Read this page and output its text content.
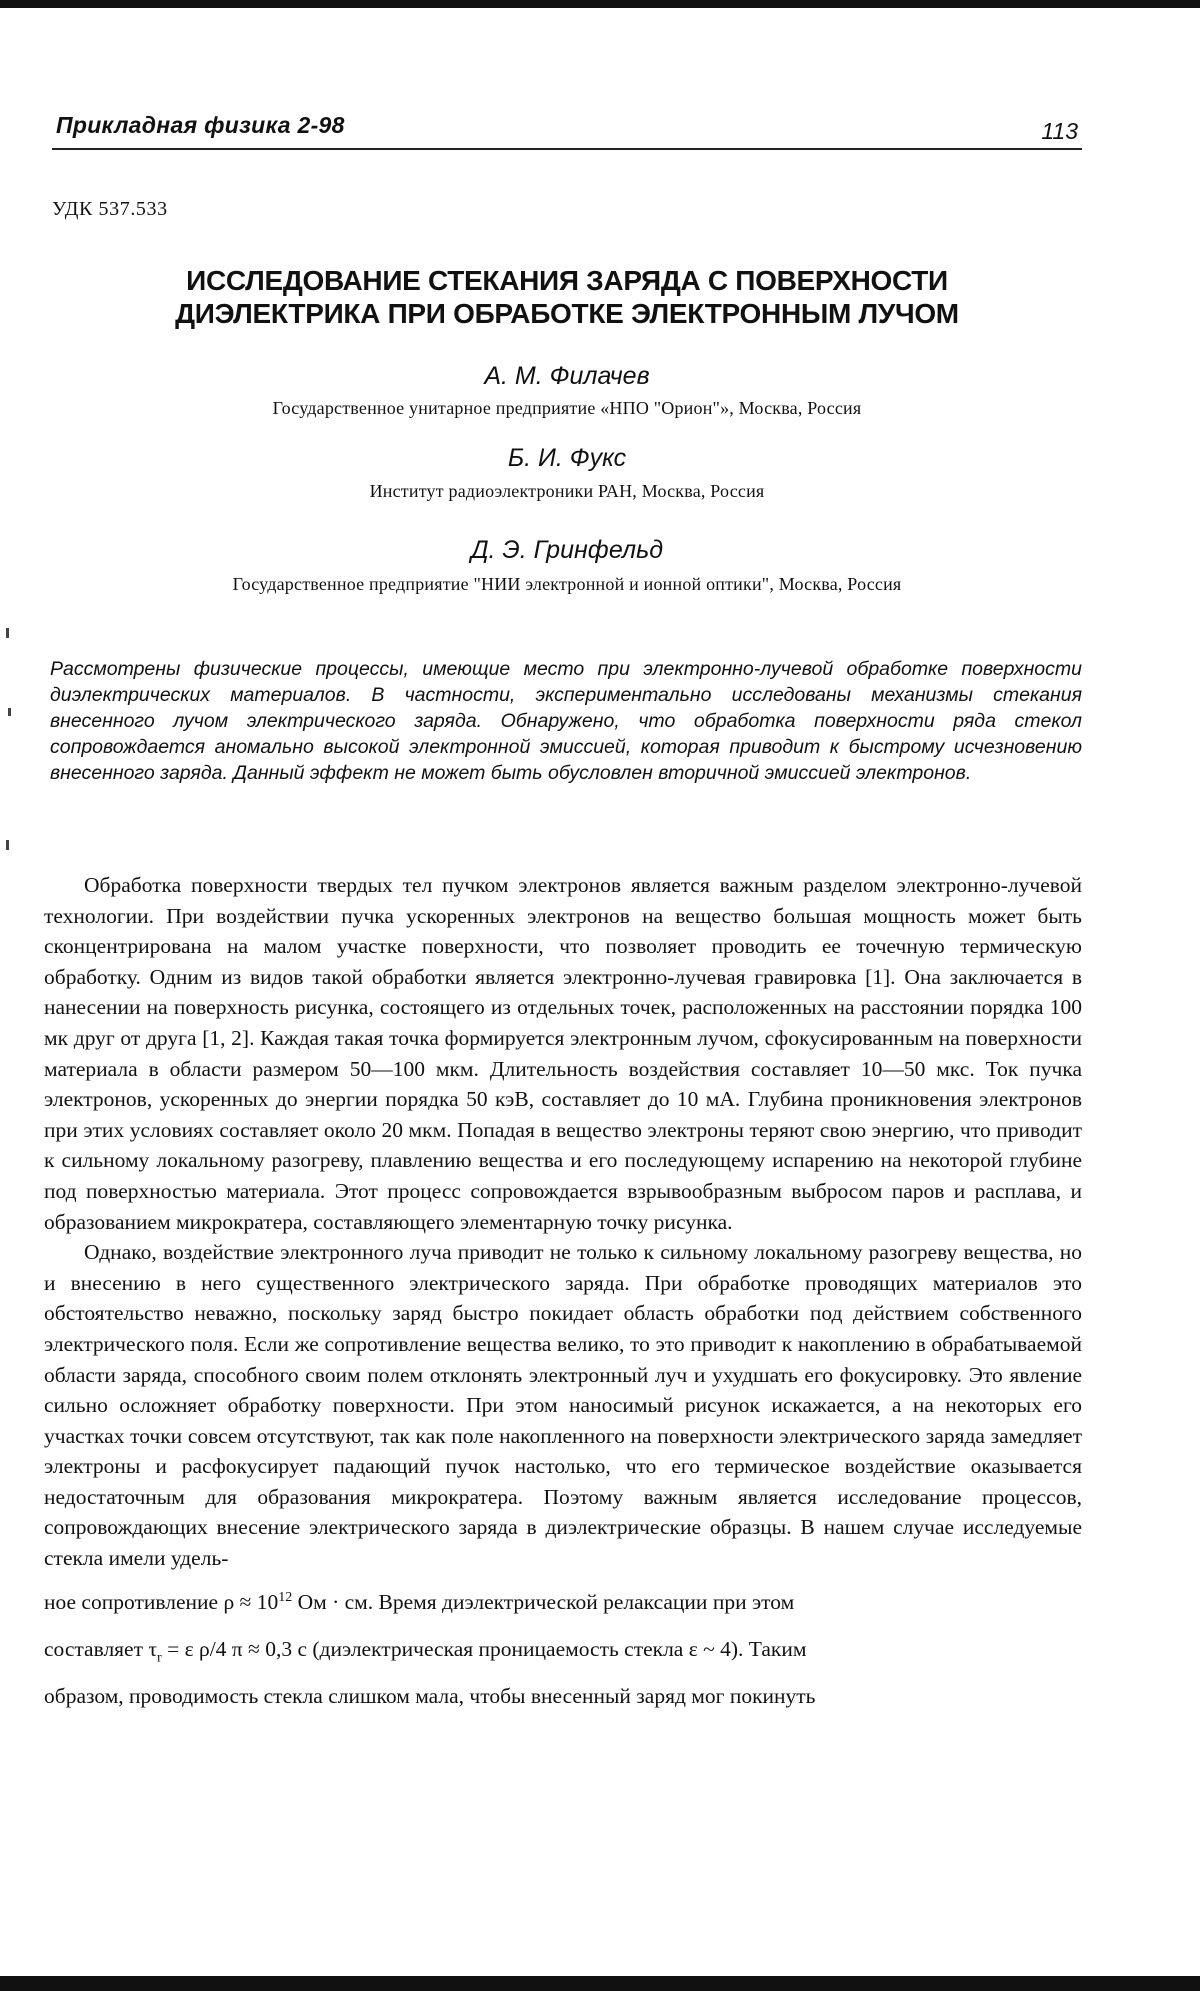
Прикладная физика 2-98	113
УДК 537.533
ИССЛЕДОВАНИЕ СТЕКАНИЯ ЗАРЯДА С ПОВЕРХНОСТИ
ДИЭЛЕКТРИКА ПРИ ОБРАБОТКЕ ЭЛЕКТРОННЫМ ЛУЧОМ
А. М. Филачев
Государственное унитарное предприятие «НПО "Орион"», Москва, Россия
Б. И. Фукс
Институт радиоэлектроники РАН, Москва, Россия
Д. Э. Гринфельд
Государственное предприятие "НИИ электронной и ионной оптики", Москва, Россия
Рассмотрены физические процессы, имеющие место при электронно-лучевой обработке поверхности диэлектрических материалов. В частности, экспериментально исследованы механизмы стекания внесенного лучом электрического заряда. Обнаружено, что обработка поверхности ряда стекол сопровождается аномально высокой электронной эмиссией, которая приводит к быстрому исчезновению внесенного заряда. Данный эффект не может быть обусловлен вторичной эмиссией электронов.

Обработка поверхности твердых тел пучком электронов является важным разделом электронно-лучевой технологии. При воздействии пучка ускоренных электронов на вещество большая мощность может быть сконцентрирована на малом участке поверхности, что позволяет проводить ее точечную термическую обработку. Одним из видов такой обработки является электронно-лучевая гравировка [1]. Она заключается в нанесении на поверхность рисунка, состоящего из отдельных точек, расположенных на расстоянии порядка 100 мк друг от друга [1, 2]. Каждая такая точка формируется электронным лучом, сфокусированным на поверхности материала в области размером 50—100 мкм. Длительность воздействия составляет 10—50 мкс. Ток пучка электронов, ускоренных до энергии порядка 50 кэВ, составляет до 10 мА. Глубина проникновения электронов при этих условиях составляет около 20 мкм. Попадая в вещество электроны теряют свою энергию, что приводит к сильному локальному разогреву, плавлению вещества и его последующему испарению на некоторой глубине под поверхностью материала. Этот процесс сопровождается взрывообразным выбросом паров и расплава, и образованием микрократера, составляющего элементарную точку рисунка.

Однако, воздействие электронного луча приводит не только к сильному локальному разогреву вещества, но и внесению в него существенного электрического заряда. При обработке проводящих материалов это обстоятельство неважно, поскольку заряд быстро покидает область обработки под действием собственного электрического поля. Если же сопротивление вещества велико, то это приводит к накоплению в обрабатываемой области заряда, способного своим полем отклонять электронный луч и ухудшать его фокусировку. Это явление сильно осложняет обработку поверхности. При этом наносимый рисунок искажается, а на некоторых его участках точки совсем отсутствуют, так как поле накопленного на поверхности электрического заряда замедляет электроны и расфокусирует падающий пучок настолько, что его термическое воздействие оказывается недостаточным для образования микрократера. Поэтому важным является исследование процессов, сопровождающих внесение электрического заряда в диэлектрические образцы. В нашем случае исследуемые стекла имели удель-

ное сопротивление $\rho \approx 10^{12}$ Ом · см. Время диэлектрической релаксации при этом
составляет $\tau_r = \varepsilon$ ρ/4 π ≈ 0,3 с (диэлектрическая проницаемость стекла ε ~ 4). Таким
образом, проводимость стекла слишком мала, чтобы внесенный заряд мог покинуть
